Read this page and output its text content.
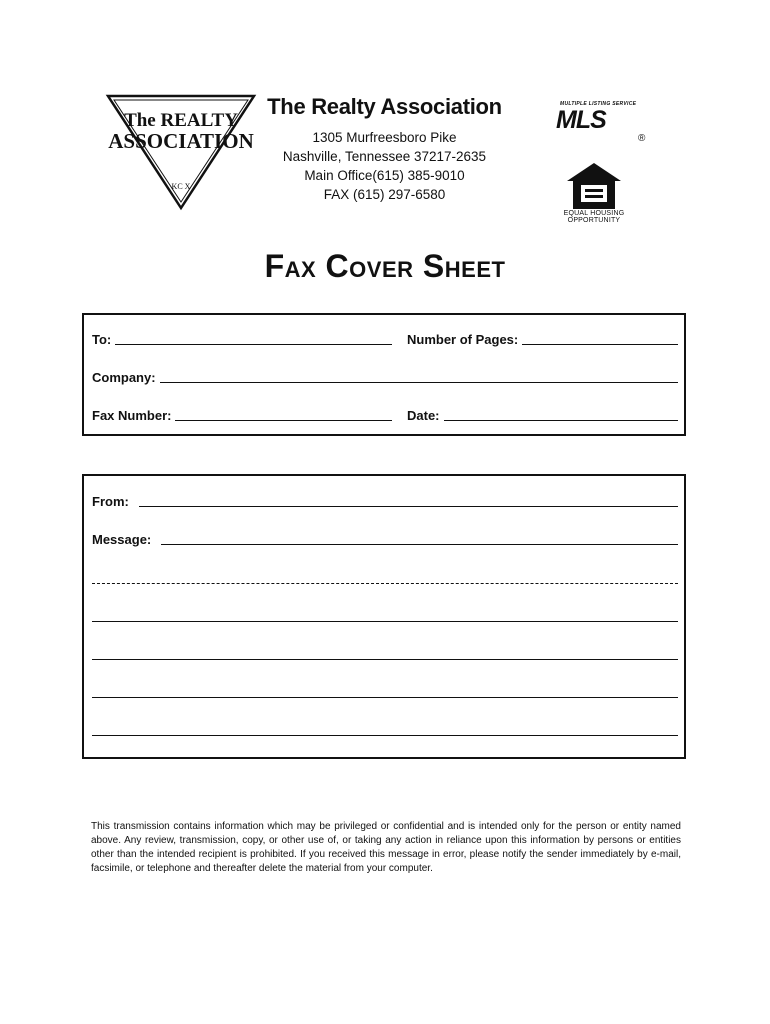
The REALTY
ASSOCIATION
KC X
The Realty Association
1305 Murfreesboro Pike
Nashville, Tennessee 37217-2635
Main Office(615) 385-9010
FAX (615) 297-6580
MULTIPLE LISTING SERVICE
MLS
®
EQUAL HOUSING
OPPORTUNITY
Fax Cover Sheet
To:	Number of Pages:
Company:
Fax Number:	Date:
From:
Message:
This transmission contains information which may be privileged or confidential and is intended only for the person or entity named above. Any review, transmission, copy, or other use of, or taking any action in reliance upon this information by persons or entities other than the intended recipient is prohibited. If you received this message in error, please notify the sender immediately by e-mail, facsimile, or telephone and thereafter delete the material from your computer.
